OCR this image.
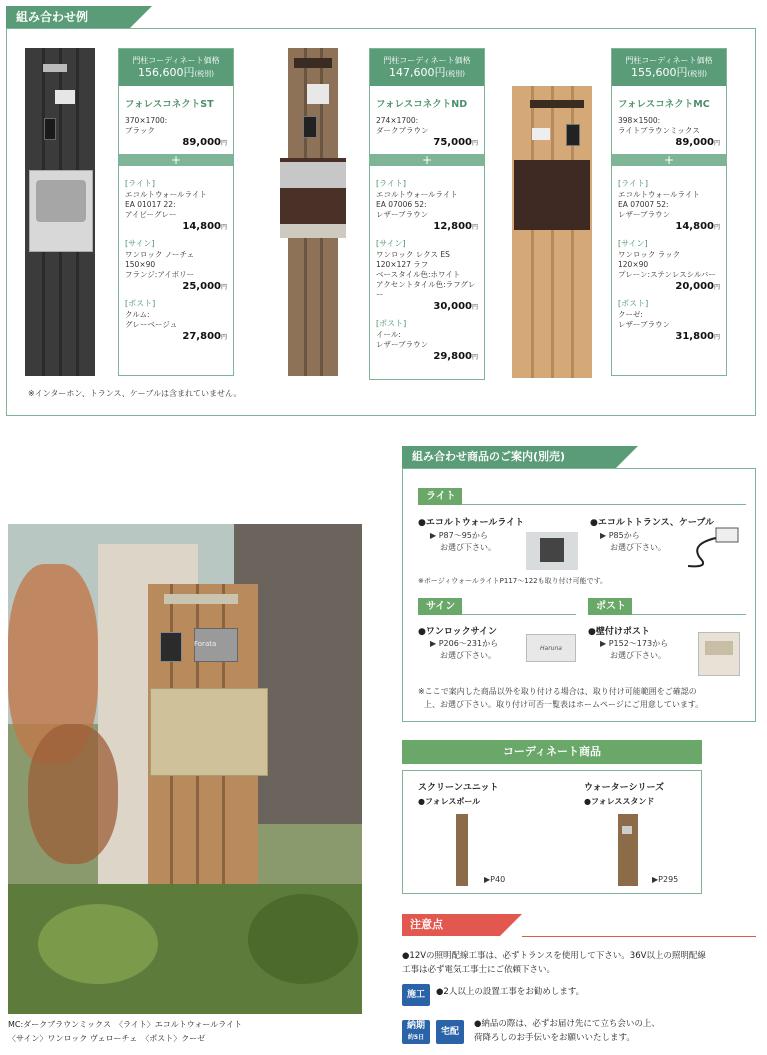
組み合わせ例
門柱コーディネート価格
156,600円(税別)
フォレスコネクトST
370×1700:
ブラック
89,000円
+
[ライト]
エコルトウォールライト
EA 01017 22:
アイビーグレー
14,800円
[サイン]
ワンロック ノーチェ
150×90
フランジ:アイボリー
25,000円
[ポスト]
クルム:
グレーベージュ
27,800円
門柱コーディネート価格
147,600円(税別)
フォレスコネクトND
274×1700:
ダークブラウン
75,000円
+
[ライト]
エコルトウォールライト
EA 07006 52:
レザーブラウン
12,800円
[サイン]
ワンロック レクス ES
120×127 ラフ
ベースタイル色:ホワイト
アクセントタイル色:ラフグレー
30,000円
[ポスト]
イール:
レザーブラウン
29,800円
門柱コーディネート価格
155,600円(税別)
フォレスコネクトMC
398×1500:
ライトブラウンミックス
89,000円
+
[ライト]
エコルトウォールライト
EA 07007 52:
レザーブラウン
14,800円
[サイン]
ワンロック ラック
120×90
プレーン:ステンレスシルバー
20,000円
[ポスト]
クーゼ:
レザーブラウン
31,800円
※インターホン、トランス、ケーブルは含まれていません。
Forata
MC:ダークブラウンミックス　〈ライト〉エコルトウォールライト
〈サイン〉ワンロック ヴェローチェ　〈ポスト〉クーゼ
組み合わせ商品のご案内(別売)
ライト
●エコルトウォールライト
▶ P87〜95から
お選び下さい。
●エコルトトランス、ケーブル
▶ P85から
お選び下さい。
※ボージィウォールライトP117〜122も取り付け可能です。
サイン
●ワンロックサイン
▶ P206〜231から
お選び下さい。
Haruna
ポスト
●壁付けポスト
▶ P152〜173から
お選び下さい。
※ここで案内した商品以外を取り付ける場合は、取り付け可能範囲をご確認の
上、お選び下さい。取り付け可否一覧表はホームページにご用意しています。
コーディネート商品
スクリーンユニット
●フォレスポール
▶P40
ウォーターシリーズ
●フォレススタンド
▶P295
注意点
●12Vの照明配線工事は、必ずトランスを使用して下さい。36V以上の照明配線
工事は必ず電気工事士にご依頼下さい。
施工	●2人以上の設置工事をお勧めします。
納期
約5日
宅配
●納品の際は、必ずお届け先にて立ち会いの上、
荷降ろしのお手伝いをお願いいたします。
